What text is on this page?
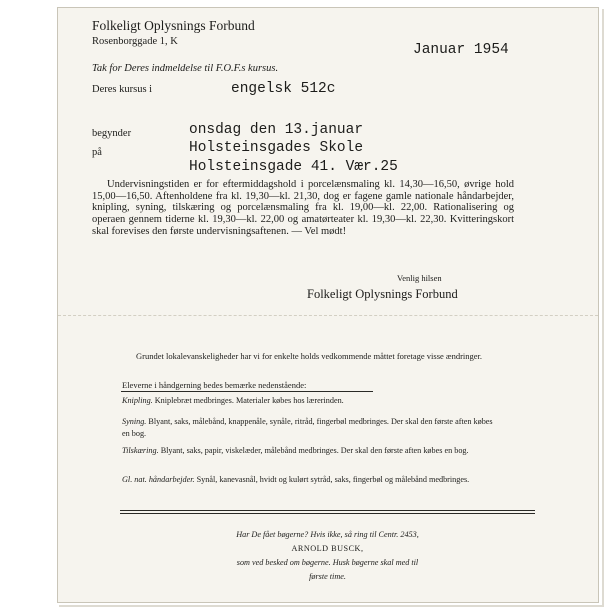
Folkeligt Oplysnings Forbund
Rosenborggade 1, K
Januar 1954
Tak for Deres indmeldelse til F.O.F.s kursus.
Deres kursus i	engelsk 512c
begynder	onsdag den 13.januar
på	Holsteinsgades Skole
Holsteinsgade 41. Vær.25
Undervisningstiden er for eftermiddagshold i porcelænsmaling kl. 14,30—16,50, øvrige hold 15,00—16,50. Aftenholdene fra kl. 19,30—kl. 21,30, dog er fagene gamle nationale håndarbejder, knipling, syning, tilskæring og porcelænsmaling fra kl. 19,00—kl. 22,00. Rationalisering og operaen gennem tiderne kl. 19,30—kl. 22,00 og amatørteater kl. 19,30—kl. 22,30. Kvitteringskort skal forevises den første undervisningsaftenen. — Vel mødt!
Venlig hilsen
Folkeligt Oplysnings Forbund
Grundet lokalevanskeligheder har vi for enkelte holds vedkommende måttet foretage visse ændringer.
Eleverne i håndgerning bedes bemærke nedenstående:
Knipling. Kniplebræt medbringes. Materialer købes hos lærerinden.
Syning. Blyant, saks, målebånd, knappenåle, synåle, ritråd, fingerbøl medbringes. Der skal den første aften købes en bog.
Tilskæring. Blyant, saks, papir, viskelæder, målebånd medbringes. Der skal den første aften købes en bog.
Gl. nat. håndarbejder. Synål, kanevasnål, hvidt og kulørt sytråd, saks, fingerbøl og målebånd medbringes.
Har De fået bøgerne? Hvis ikke, så ring til Centr. 2453,
ARNOLD BUSCK,
som ved besked om bøgerne. Husk bøgerne skal med til
første time.
